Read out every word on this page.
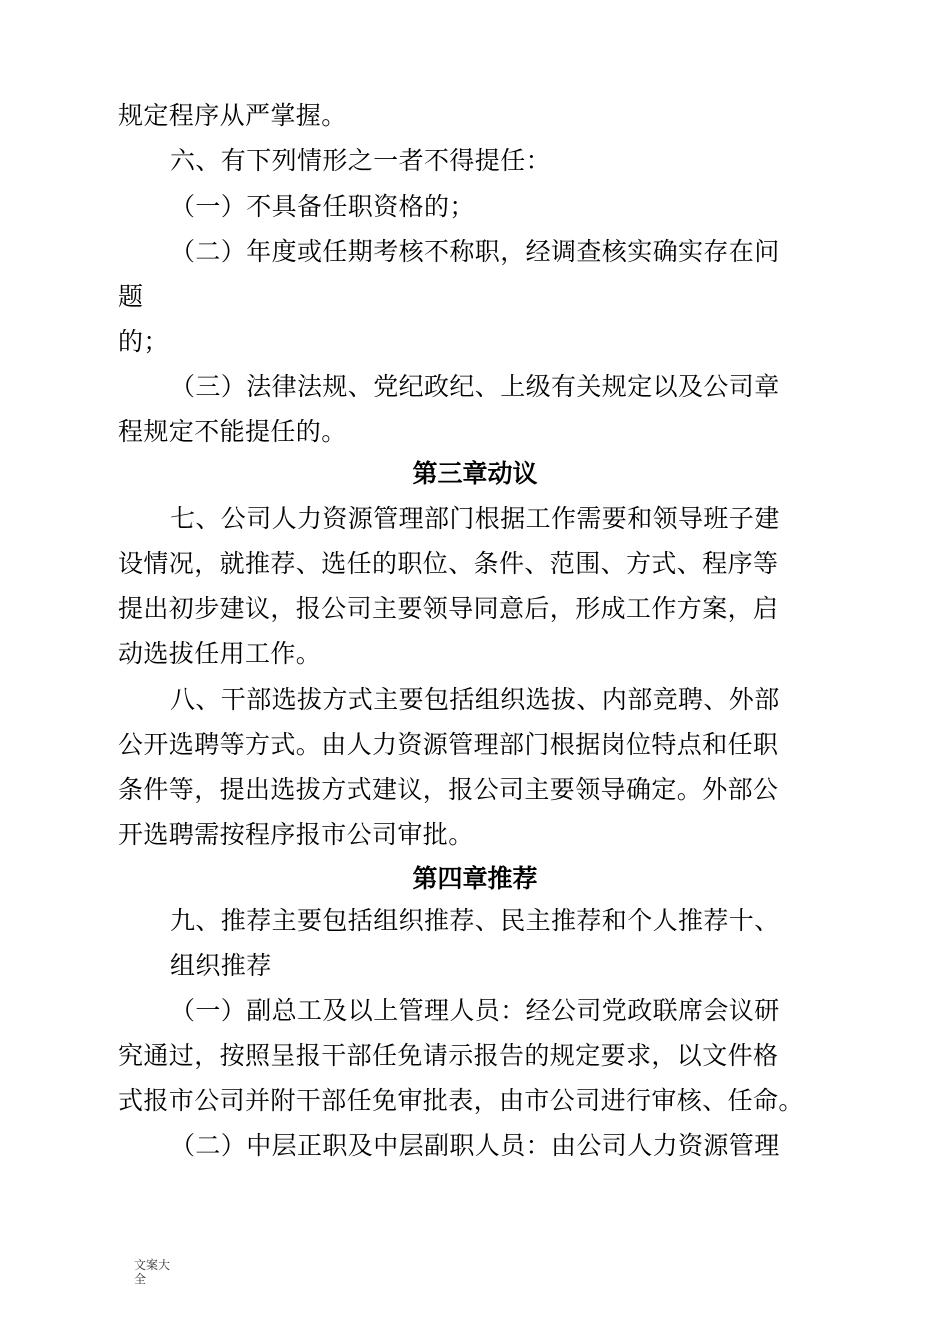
规定程序从严掌握。
六、有下列情形之一者不得提任：
（一）不具备任职资格的；
（二）年度或任期考核不称职，经调查核实确实存在问
题
的；
（三）法律法规、党纪政纪、上级有关规定以及公司章
程规定不能提任的。
第三章动议
七、公司人力资源管理部门根据工作需要和领导班子建
设情况，就推荐、选任的职位、条件、范围、方式、程序等
提出初步建议，报公司主要领导同意后，形成工作方案，启
动选拔任用工作。
八、干部选拔方式主要包括组织选拔、内部竞聘、外部
公开选聘等方式。由人力资源管理部门根据岗位特点和任职
条件等，提出选拔方式建议，报公司主要领导确定。外部公
开选聘需按程序报市公司审批。
第四章推荐
九、推荐主要包括组织推荐、民主推荐和个人推荐十、
组织推荐
（一）副总工及以上管理人员：经公司党政联席会议研
究通过，按照呈报干部任免请示报告的规定要求，以文件格
式报市公司并附干部任免审批表，由市公司进行审核、任命。
（二）中层正职及中层副职人员：由公司人力资源管理
文案大
全
